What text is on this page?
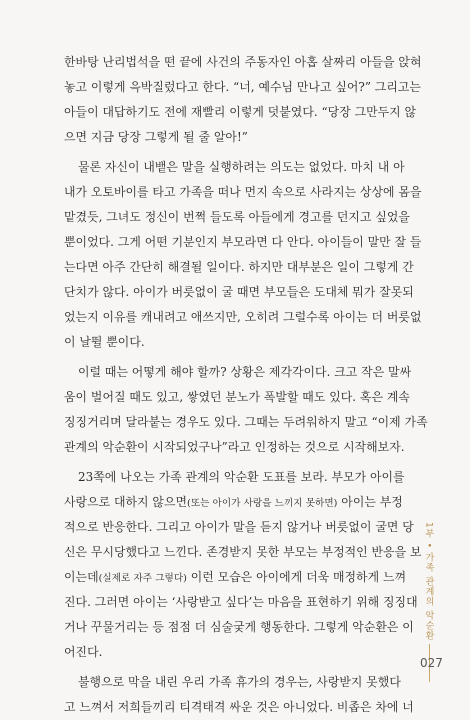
한바탕 난리법석을 떤 끝에 사건의 주동자인 아홉 살짜리 아들을 앉혀
놓고 이렇게 윽박질렀다고 한다. “너, 예수님 만나고 싶어?” 그리고는
아들이 대답하기도 전에 재빨리 이렇게 덧붙였다. “당장 그만두지 않
으면 지금 당장 그렇게 될 줄 알아!”
물론 자신이 내뱉은 말을 실행하려는 의도는 없었다. 마치 내 아
내가 오토바이를 타고 가족을 떠나 먼지 속으로 사라지는 상상에 몸을
맡겼듯, 그녀도 정신이 번쩍 들도록 아들에게 경고를 던지고 싶었을
뿐이었다. 그게 어떤 기분인지 부모라면 다 안다. 아이들이 말만 잘 들
는다면 아주 간단히 해결될 일이다. 하지만 대부분은 일이 그렇게 간
단치가 않다. 아이가 버릇없이 굴 때면 부모들은 도대체 뭐가 잘못되
었는지 이유를 캐내려고 애쓰지만, 오히려 그럴수록 아이는 더 버릇없
이 날뛸 뿐이다.
이럴 때는 어떻게 해야 할까? 상황은 제각각이다. 크고 작은 말싸
움이 벌어질 때도 있고, 쌓였던 분노가 폭발할 때도 있다. 혹은 계속
징징거리며 달라붙는 경우도 있다. 그때는 두려워하지 말고 “이제 가족
관계의 악순환이 시작되었구나”라고 인정하는 것으로 시작해보자.
23쪽에 나오는 가족 관계의 악순환 도표를 보라. 부모가 아이를
사랑으로 대하지 않으면(또는 아이가 사랑을 느끼지 못하면) 아이는 부정
적으로 반응한다. 그리고 아이가 말을 듣지 않거나 버릇없이 굴면 당
신은 무시당했다고 느낀다. 존경받지 못한 부모는 부정적인 반응을 보
이는데(실제로 자주 그렇다) 이런 모습은 아이에게 더욱 매정하게 느껴
진다. 그러면 아이는 ‘사랑받고 싶다’는 마음을 표현하기 위해 징징대
거나 꾸물거리는 등 점점 더 심술궂게 행동한다. 그렇게 악순환은 이
어진다.
불행으로 막을 내린 우리 가족 휴가의 경우는, 사랑받지 못했다
고 느껴서 저희들끼리 티격태격 싸운 것은 아니었다. 비좁은 차에 너
1부 • 가족 관계의 악순환
027
